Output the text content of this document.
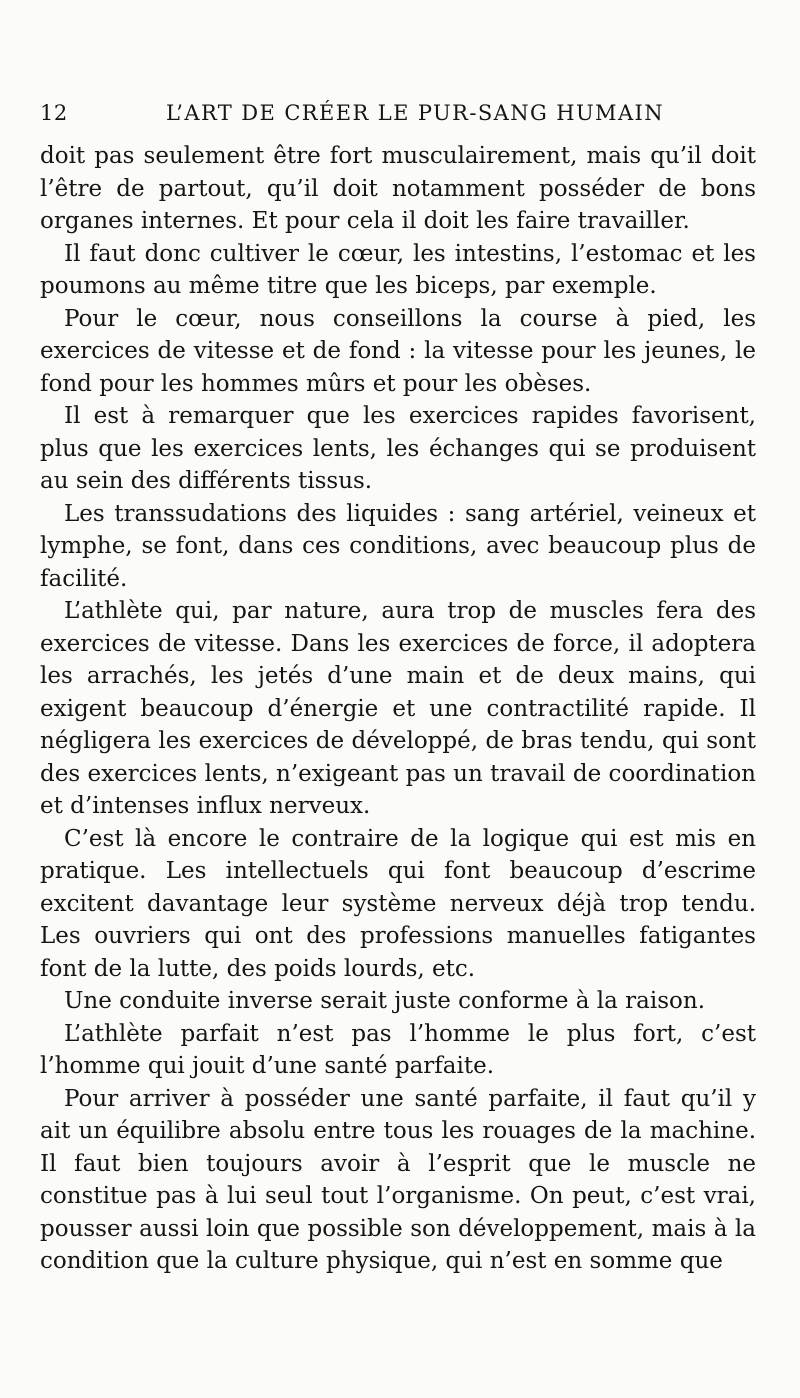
12	L’ART DE CRÉER LE PUR-SANG HUMAIN

doit pas seulement être fort musculairement, mais qu’il doit l’être de partout, qu’il doit notamment posséder de bons organes internes. Et pour cela il doit les faire travailler.

Il faut donc cultiver le cœur, les intestins, l’estomac et les poumons au même titre que les biceps, par exemple.

Pour le cœur, nous conseillons la course à pied, les exercices de vitesse et de fond : la vitesse pour les jeunes, le fond pour les hommes mûrs et pour les obèses.

Il est à remarquer que les exercices rapides favorisent, plus que les exercices lents, les échanges qui se produisent au sein des différents tissus.

Les transsudations des liquides : sang artériel, veineux et lymphe, se font, dans ces conditions, avec beaucoup plus de facilité.

L’athlète qui, par nature, aura trop de muscles fera des exercices de vitesse. Dans les exercices de force, il adoptera les arrachés, les jetés d’une main et de deux mains, qui exigent beaucoup d’énergie et une contractilité rapide. Il négligera les exercices de développé, de bras tendu, qui sont des exercices lents, n’exigeant pas un travail de coordination et d’intenses influx nerveux.

C’est là encore le contraire de la logique qui est mis en pratique. Les intellectuels qui font beaucoup d’escrime excitent davantage leur système nerveux déjà trop tendu. Les ouvriers qui ont des professions manuelles fatigantes font de la lutte, des poids lourds, etc.

Une conduite inverse serait juste conforme à la raison.

L’athlète parfait n’est pas l’homme le plus fort, c’est l’homme qui jouit d’une santé parfaite.

Pour arriver à posséder une santé parfaite, il faut qu’il y ait un équilibre absolu entre tous les rouages de la machine. Il faut bien toujours avoir à l’esprit que le muscle ne constitue pas à lui seul tout l’organisme. On peut, c’est vrai, pousser aussi loin que possible son développement, mais à la condition que la culture physique, qui n’est en somme que
